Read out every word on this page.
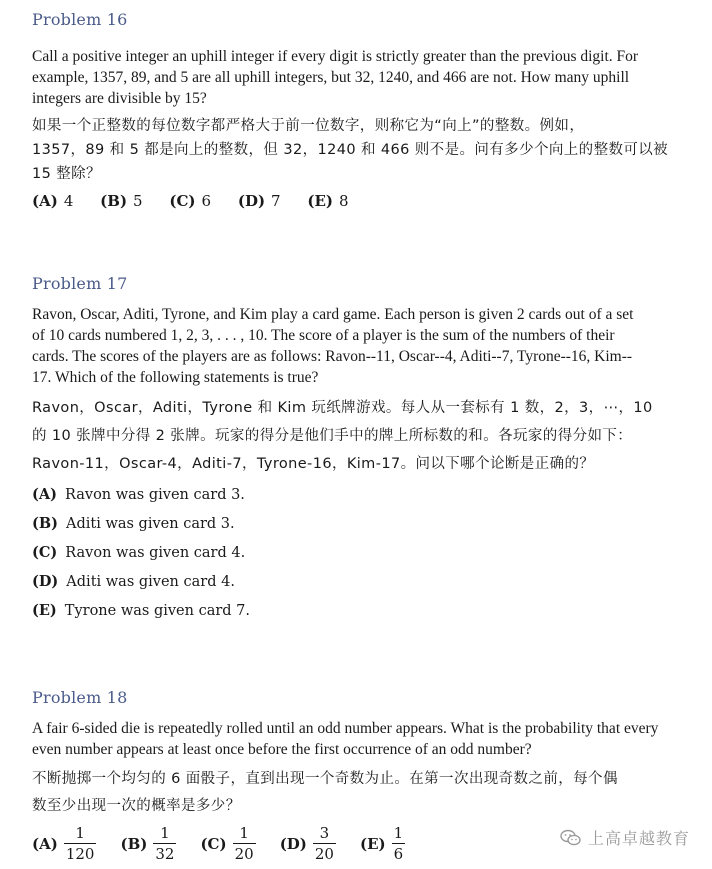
Problem 16

Call a positive integer an uphill integer if every digit is strictly greater than the previous digit. For

example, 1357, 89, and 5 are all uphill integers, but 32, 1240, and 466 are not. How many uphill

integers are divisible by 15?

如果一个正整数的每位数字都严格大于前一位数字，则称它为“向上”的整数。例如，

1357，89 和 5 都是向上的整数，但 32，1240 和 466 则不是。问有多少个向上的整数可以被

15 整除？

(A) 4 (B) 5 (C) 6 (D) 7 (E) 8

Problem 17

Ravon, Oscar, Aditi, Tyrone, and Kim play a card game. Each person is given 2 cards out of a set

of 10 cards numbered 1, 2, 3, . . . , 10. The score of a player is the sum of the numbers of their

cards. The scores of the players are as follows: Ravon--11, Oscar--4, Aditi--7, Tyrone--16, Kim--

17. Which of the following statements is true?

Ravon，Oscar，Aditi，Tyrone 和 Kim 玩纸牌游戏。每人从一套标有 1 数，2，3，⋯，10

的 10 张牌中分得 2 张牌。玩家的得分是他们手中的牌上所标数的和。各玩家的得分如下：

Ravon-11，Oscar-4，Aditi-7，Tyrone-16，Kim-17。问以下哪个论断是正确的？

(A) Ravon was given card 3.

(B) Aditi was given card 3.

(C) Ravon was given card 4.

(D) Aditi was given card 4.

(E) Tyrone was given card 7.

Problem 18

A fair 6-sided die is repeatedly rolled until an odd number appears. What is the probability that every

even number appears at least once before the first occurrence of an odd number?

不断抛掷一个均匀的 6 面骰子，直到出现一个奇数为止。在第一次出现奇数之前，每个偶

数至少出现一次的概率是多少？

$(A) \frac{1}{120} (B) \frac{1}{32} (C) \frac{1}{20} (D) \frac{3}{20} (E) \frac{1}{6}$	上高卓越教育
